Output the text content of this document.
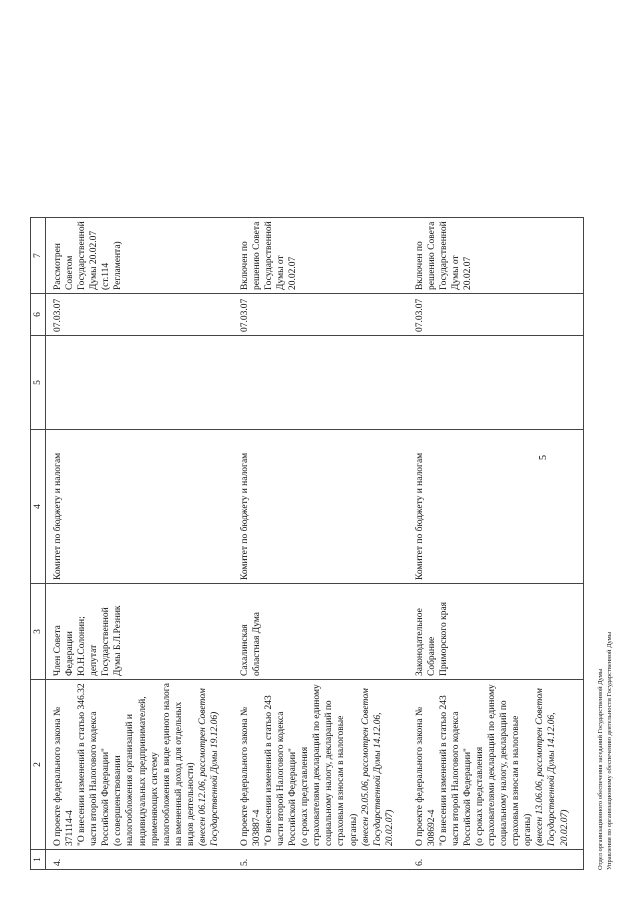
5
1	2	3	4	5	6	7
4.	О проекте федерального закона № 371114-4 "О внесении изменений в статью 346.32 части второй Налогового кодекса Российской Федерации" (о совершенствовании налогообложения организаций и индивидуальных предпринимателей, применяющих систему налогообложения в виде единого налога на вмененный доход для отдельных видов деятельности) (внесен 06.12.06, рассмотрен Советом Государственной Думы 19.12.06)	Член Совета Федерации Ю.Н.Солонин; депутат Государственной Думы Б.Л.Резник	Комитет по бюджету и налогам		07.03.07	Рассмотрен Советом Государственной Думы 20.02.07 (ст.114 Регламента)
5.	О проекте федерального закона № 303887-4 "О внесении изменений в статью 243 части второй Налогового кодекса Российской Федерации" (о сроках представления страхователями деклараций по единому социальному налогу, деклараций по страховым взносам в налоговые органы) (внесен 29.05.06, рассмотрен Советом Государственной Думы 14.12.06, 20.02.07)	Сахалинская областная Дума	Комитет по бюджету и налогам		07.03.07	Включен по решению Совета Государственной Думы от 20.02.07
6.	О проекте федерального закона № 308692-4 "О внесении изменений в статью 243 части второй Налогового кодекса Российской Федерации" (о сроках представления страхователями деклараций по единому социальному налогу, деклараций по страховым взносам в налоговые органы) (внесен 13.06.06, рассмотрен Советом Государственной Думы 14.12.06, 20.02.07)	Законодательное Собрание Приморского края	Комитет по бюджету и налогам		07.03.07	Включен по решению Совета Государственной Думы от 20.02.07
Отдел организационного обеспечения заседаний Государственной Думы Управления по организационному обеспечению деятельности Государственной Думы
